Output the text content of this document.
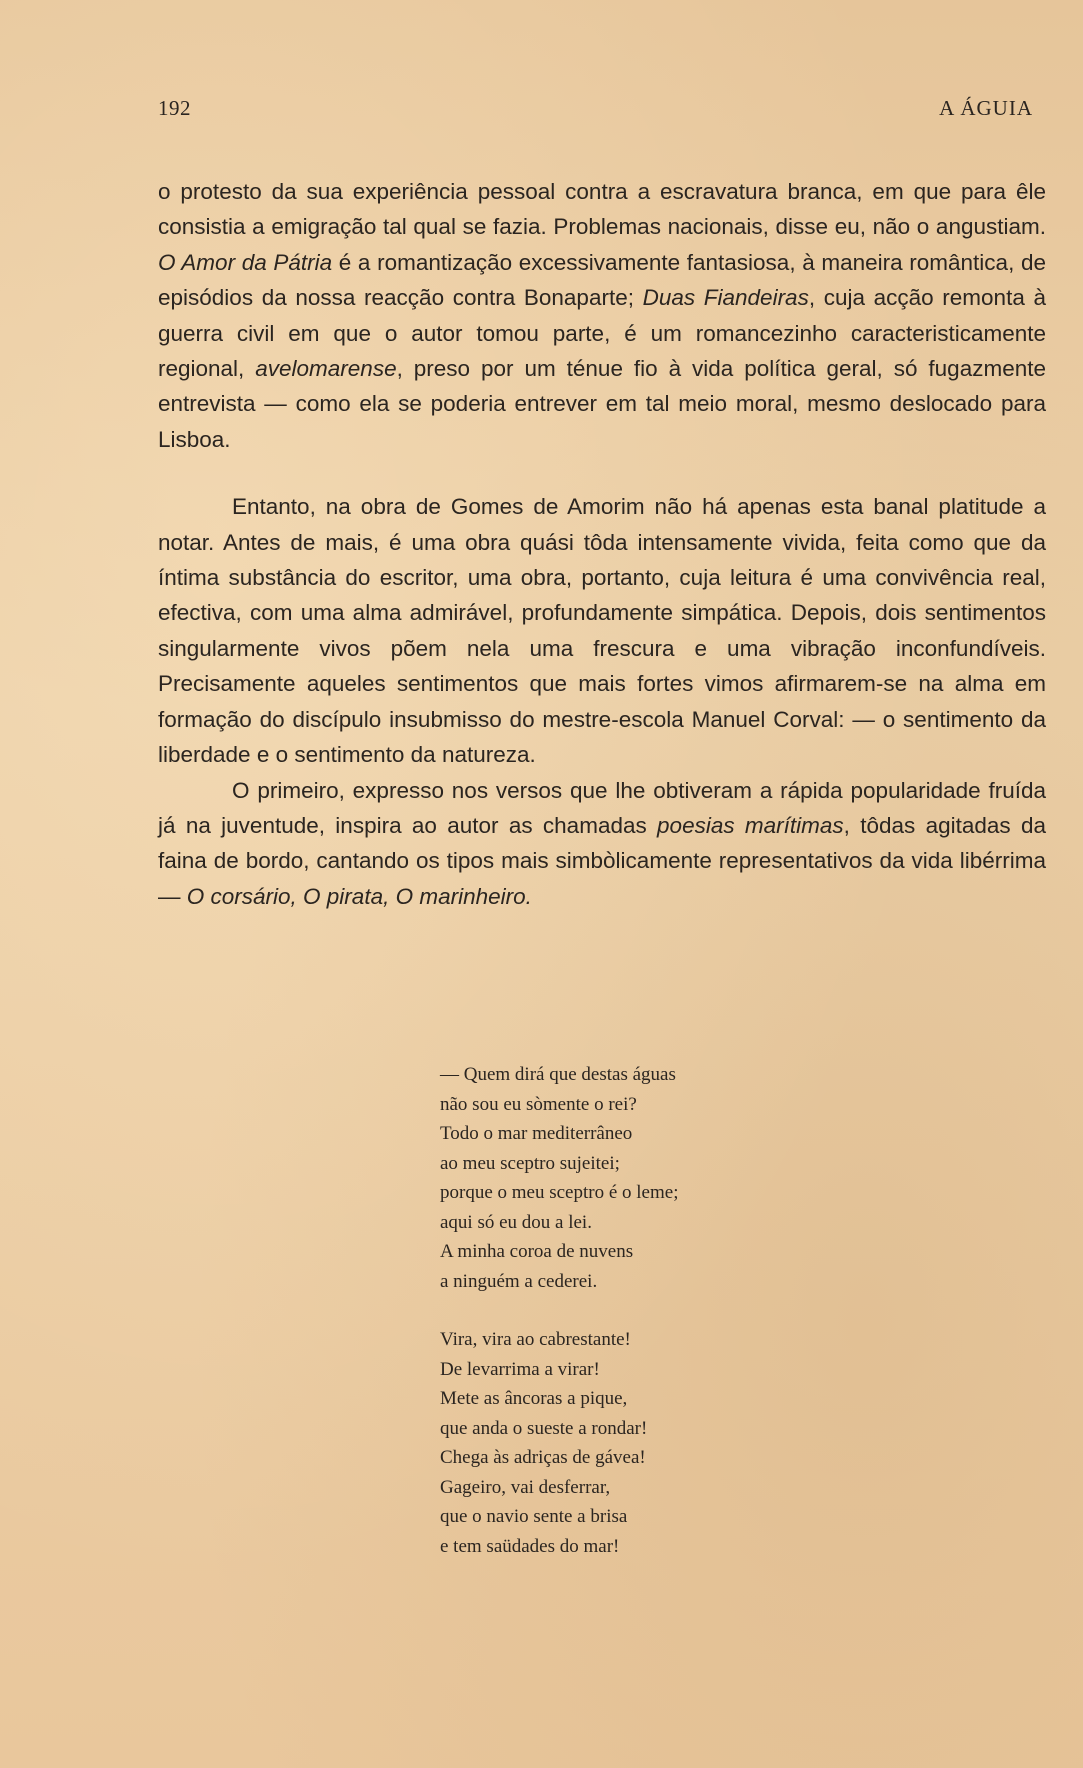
192	A ÁGUIA

o protesto da sua experiência pessoal contra a escravatura branca, em que para êle consistia a emigração tal qual se fazia. Problemas nacionais, disse eu, não o angustiam. O Amor da Pátria é a romantização excessivamente fantasiosa, à maneira romântica, de episódios da nossa reacção contra Bonaparte; Duas Fiandeiras, cuja acção remonta à guerra civil em que o autor tomou parte, é um romancezinho caracteristicamente regional, avelomarense, preso por um ténue fio à vida política geral, só fugazmente entrevista — como ela se poderia entrever em tal meio moral, mesmo deslocado para Lisboa.

Entanto, na obra de Gomes de Amorim não há apenas esta banal platitude a notar. Antes de mais, é uma obra quási tôda intensamente vivida, feita como que da íntima substância do escritor, uma obra, portanto, cuja leitura é uma convivência real, efectiva, com uma alma admirável, profundamente simpática. Depois, dois sentimentos singularmente vivos põem nela uma frescura e uma vibração inconfundíveis. Precisamente aqueles sentimentos que mais fortes vimos afirmarem-se na alma em formação do discípulo insubmisso do mestre-escola Manuel Corval: — o sentimento da liberdade e o sentimento da natureza.

O primeiro, expresso nos versos que lhe obtiveram a rápida popularidade fruída já na juventude, inspira ao autor as chamadas poesias marítimas, tôdas agitadas da faina de bordo, cantando os tipos mais simbòlicamente representativos da vida libérrima — O corsário, O pirata, O marinheiro.

— Quem dirá que destas águas
não sou eu sòmente o rei?
Todo o mar mediterrâneo
ao meu sceptro sujeitei;
porque o meu sceptro é o leme;
aqui só eu dou a lei.
A minha coroa de nuvens
a ninguém a cederei.
Vira, vira ao cabrestante!
De levarrima a virar!
Mete as âncoras a pique,
que anda o sueste a rondar!
Chega às adriças de gávea!
Gageiro, vai desferrar,
que o navio sente a brisa
e tem saüdades do mar!
